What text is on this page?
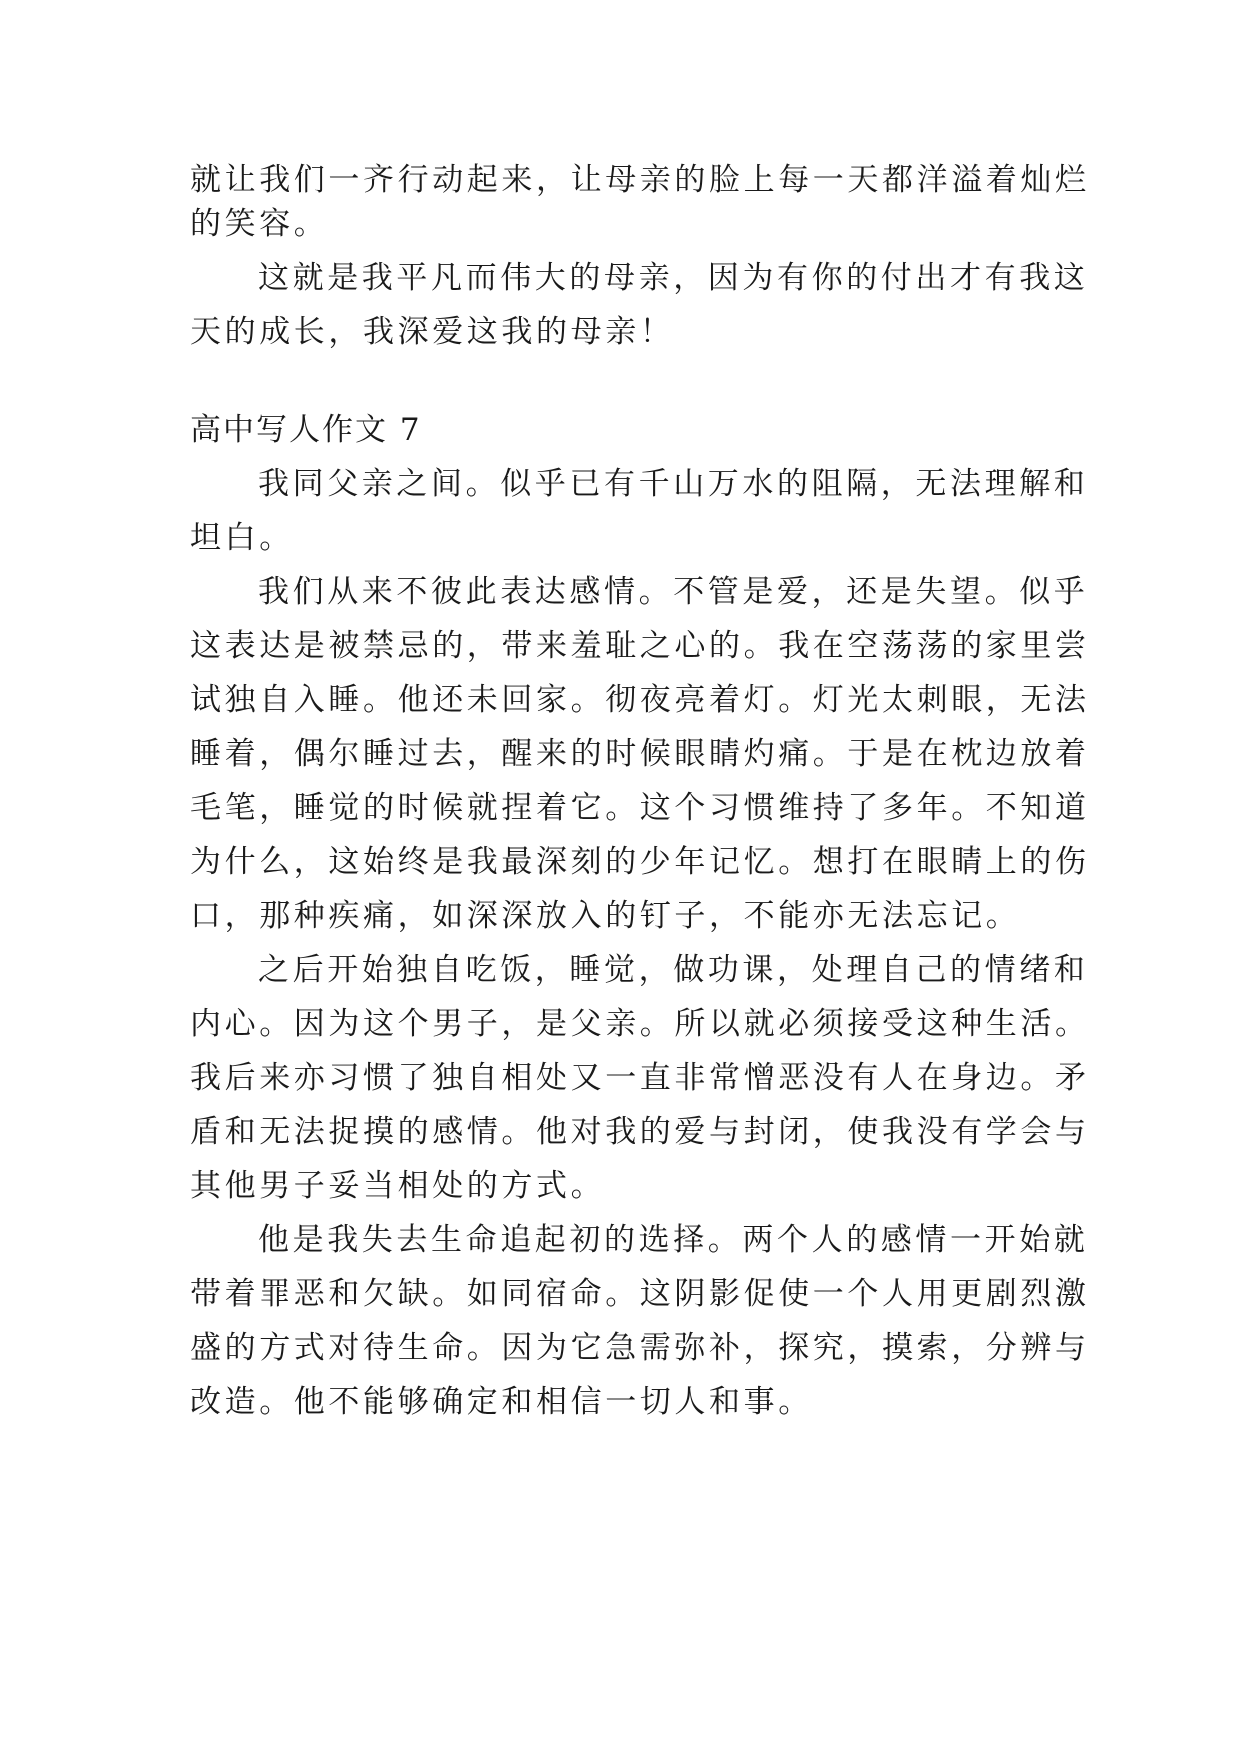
就让我们一齐行动起来，让母亲的脸上每一天都洋溢着灿烂
的笑容。
这就是我平凡而伟大的母亲，因为有你的付出才有我这
天的成长，我深爱这我的母亲！
高中写人作文 7
我同父亲之间。似乎已有千山万水的阻隔，无法理解和
坦白。
我们从来不彼此表达感情。不管是爱，还是失望。似乎
这表达是被禁忌的，带来羞耻之心的。我在空荡荡的家里尝
试独自入睡。他还未回家。彻夜亮着灯。灯光太刺眼，无法
睡着，偶尔睡过去，醒来的时候眼睛灼痛。于是在枕边放着
毛笔，睡觉的时候就捏着它。这个习惯维持了多年。不知道
为什么，这始终是我最深刻的少年记忆。想打在眼睛上的伤
口，那种疾痛，如深深放入的钉子，不能亦无法忘记。
之后开始独自吃饭，睡觉，做功课，处理自己的情绪和
内心。因为这个男子，是父亲。所以就必须接受这种生活。
我后来亦习惯了独自相处又一直非常憎恶没有人在身边。矛
盾和无法捉摸的感情。他对我的爱与封闭，使我没有学会与
其他男子妥当相处的方式。
他是我失去生命追起初的选择。两个人的感情一开始就
带着罪恶和欠缺。如同宿命。这阴影促使一个人用更剧烈激
盛的方式对待生命。因为它急需弥补，探究，摸索，分辨与
改造。他不能够确定和相信一切人和事。
